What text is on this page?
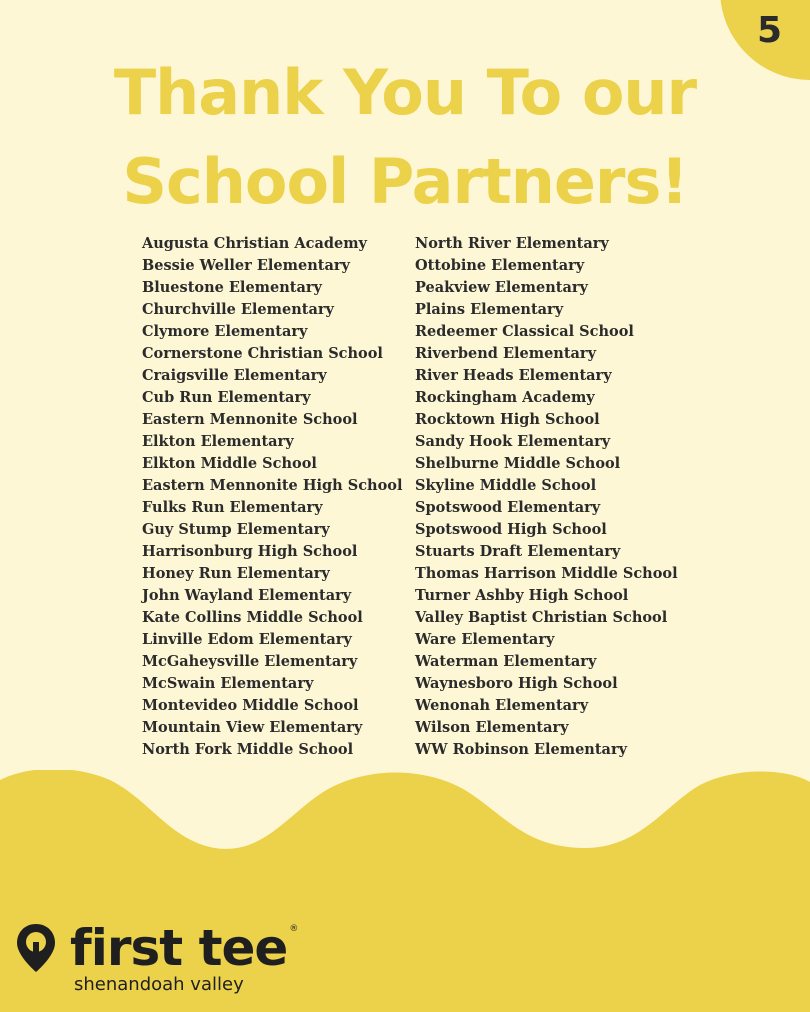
5
Thank You To our
School Partners!
Augusta Christian Academy
Bessie Weller Elementary
Bluestone Elementary
Churchville Elementary
Clymore Elementary
Cornerstone Christian School
Craigsville Elementary
Cub Run Elementary
Eastern Mennonite School
Elkton Elementary
Elkton Middle School
Eastern Mennonite High School
Fulks Run Elementary
Guy Stump Elementary
Harrisonburg High School
Honey Run Elementary
John Wayland Elementary
Kate Collins Middle School
Linville Edom Elementary
McGaheysville Elementary
McSwain Elementary
Montevideo Middle School
Mountain View Elementary
North Fork Middle School
North River Elementary
Ottobine Elementary
Peakview Elementary
Plains Elementary
Redeemer Classical School
Riverbend Elementary
River Heads Elementary
Rockingham Academy
Rocktown High School
Sandy Hook Elementary
Shelburne Middle School
Skyline Middle School
Spotswood Elementary
Spotswood High School
Stuarts Draft Elementary
Thomas Harrison Middle School
Turner Ashby High School
Valley Baptist Christian School
Ware Elementary
Waterman Elementary
Waynesboro High School
Wenonah Elementary
Wilson Elementary
WW Robinson Elementary
first tee ®
shenandoah valley
